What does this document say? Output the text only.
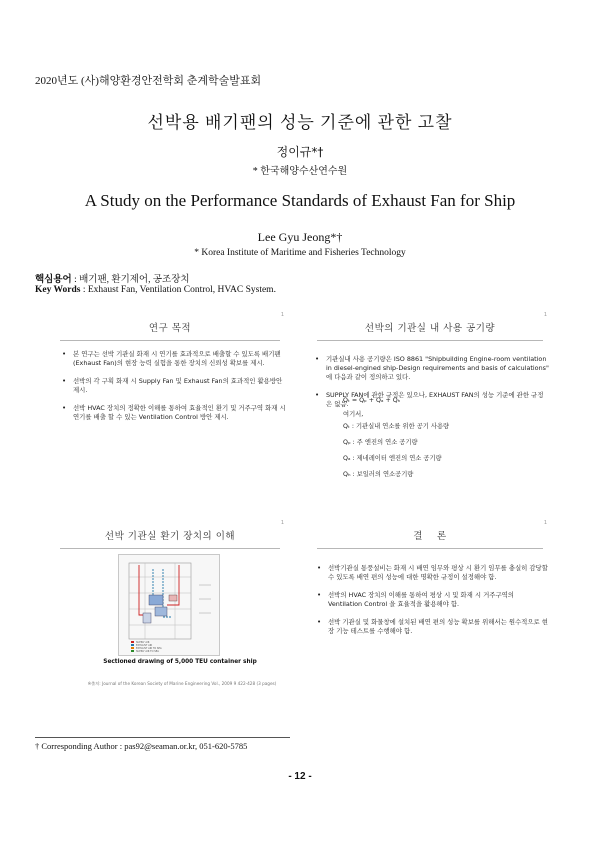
2020년도 (사)해양환경안전학회 춘계학술발표회
선박용 배기팬의 성능 기준에 관한 고찰
정이규*†
* 한국해양수산연수원
A Study on the Performance Standards of Exhaust Fan for Ship
Lee Gyu Jeong*†
* Korea Institute of Maritime and Fisheries Technology
핵심용어 : 배기팬, 환기제어, 공조장치
Key Words : Exhaust Fan, Ventilation Control, HVAC System.
1
연구 목적
• 본 연구는 선박 기관실 화재 시 연기를 효과적으로 배출할 수 있도록 배기팬(Exhaust Fan)의 현장 능력 실험을 통한 장치의 신뢰성 확보를 제시.
• 선박의 각 구획 화재 시 Supply Fan 및 Exhaust Fan의 효과적인 활용방안 제시.
• 선박 HVAC 장치의 정확한 이해를 통하여 효율적인 환기 및 거주구역 화재 시 연기를 배출 할 수 있는 Ventilation Control 방안 제시.
1
선박의 기관실 내 사용 공기량
• 기관실내 사용 공기량은 ISO 8861 "Shipbuilding Engine-room ventilation in diesel-engined ship-Design requirements and basis of calculations" 에 다음과 같이 정의하고 있다.
• SUPPLY FAN에 관한 규정은 있으나, EXHAUST FAN의 성능 기준에 관한 규정은 없음.
Qₜ = Qₚ + Qₐ + Qₕ
여기서,
Qₜ : 기관실내 연소를 위한 공기 사용량
Qₚ : 주 엔진의 연소 공기량
Qₐ : 제네레이터 엔진의 연소 공기량
Qₕ : 보일러의 연소공기량
1
선박 기관실 환기 장치의 이해
SUPPLY AIR
EXHAUST AIR
EXHAUST AIR TO SEA
SUPPLY AIR TO SEA
Sectioned drawing of 5,000 TEU container ship
※출처: Journal of the Korean Society of Marine Engineering Vol., 2009 9 422-428 (3 pages)
1
결    론
• 선박기관실 통풍설비는 화재 시 배연 임무와 평상 시 환기 임무를 충실히 감당할 수 있도록 배연 편의 성능에 대한 명확한 규정이 설정해야 함.
• 선박의 HVAC 장치의 이해를 통하여 평상 시 및 화재 시 거주구역의 Ventilation Control 을 효율적을 활용해야 함.
• 선박 기관실 및 화물창에 설치된 배연 편의 성능 확보를 위해서는 원수적으로 현장 기능 테스트를 수행해야 함.
† Corresponding Author : pas92@seaman.or.kr, 051-620-5785
- 12 -
